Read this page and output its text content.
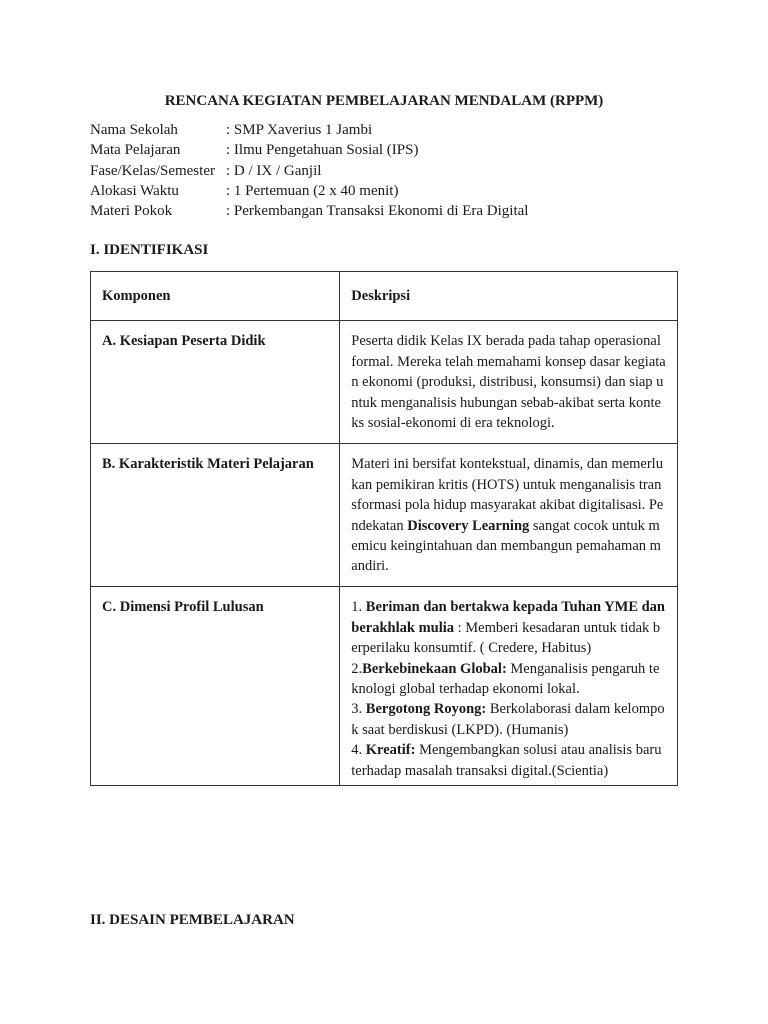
RENCANA KEGIATAN PEMBELAJARAN MENDALAM (RPPM)
Nama Sekolah	: SMP Xaverius 1 Jambi
Mata Pelajaran	: Ilmu Pengetahuan Sosial (IPS)
Fase/Kelas/Semester : D / IX / Ganjil
Alokasi Waktu	: 1 Pertemuan (2 x 40 menit)
Materi Pokok	: Perkembangan Transaksi Ekonomi di Era Digital
I. IDENTIFIKASI
Komponen	Deskripsi

A. Kesiapan Peserta Didik	Peserta didik Kelas IX berada pada tahap operasional formal. Mereka telah memahami konsep dasar kegiatan ekonomi (produksi, distribusi, konsumsi) dan siap untuk menganalisis hubungan sebab-akibat serta konteks sosial-ekonomi di era teknologi.

B. Karakteristik Materi Pelajaran	Materi ini bersifat kontekstual, dinamis, dan memerlukan pemikiran kritis (HOTS) untuk menganalisis transformasi pola hidup masyarakat akibat digitalisasi. Pendekatan Discovery Learning sangat cocok untuk memicu keingintahuan dan membangun pemahaman mandiri.

C. Dimensi Profil Lulusan	1. Beriman dan bertakwa kepada Tuhan YME dan berakhlak mulia : Memberi kesadaran untuk tidak berperilaku konsumtif. ( Credere, Habitus)
2.Berkebinekaan Global: Menganalisis pengaruh teknologi global terhadap ekonomi lokal.
3. Bergotong Royong: Berkolaborasi dalam kelompok saat berdiskusi (LKPD). (Humanis)
4. Kreatif: Mengembangkan solusi atau analisis baru terhadap masalah transaksi digital.(Scientia)
II. DESAIN PEMBELAJARAN
